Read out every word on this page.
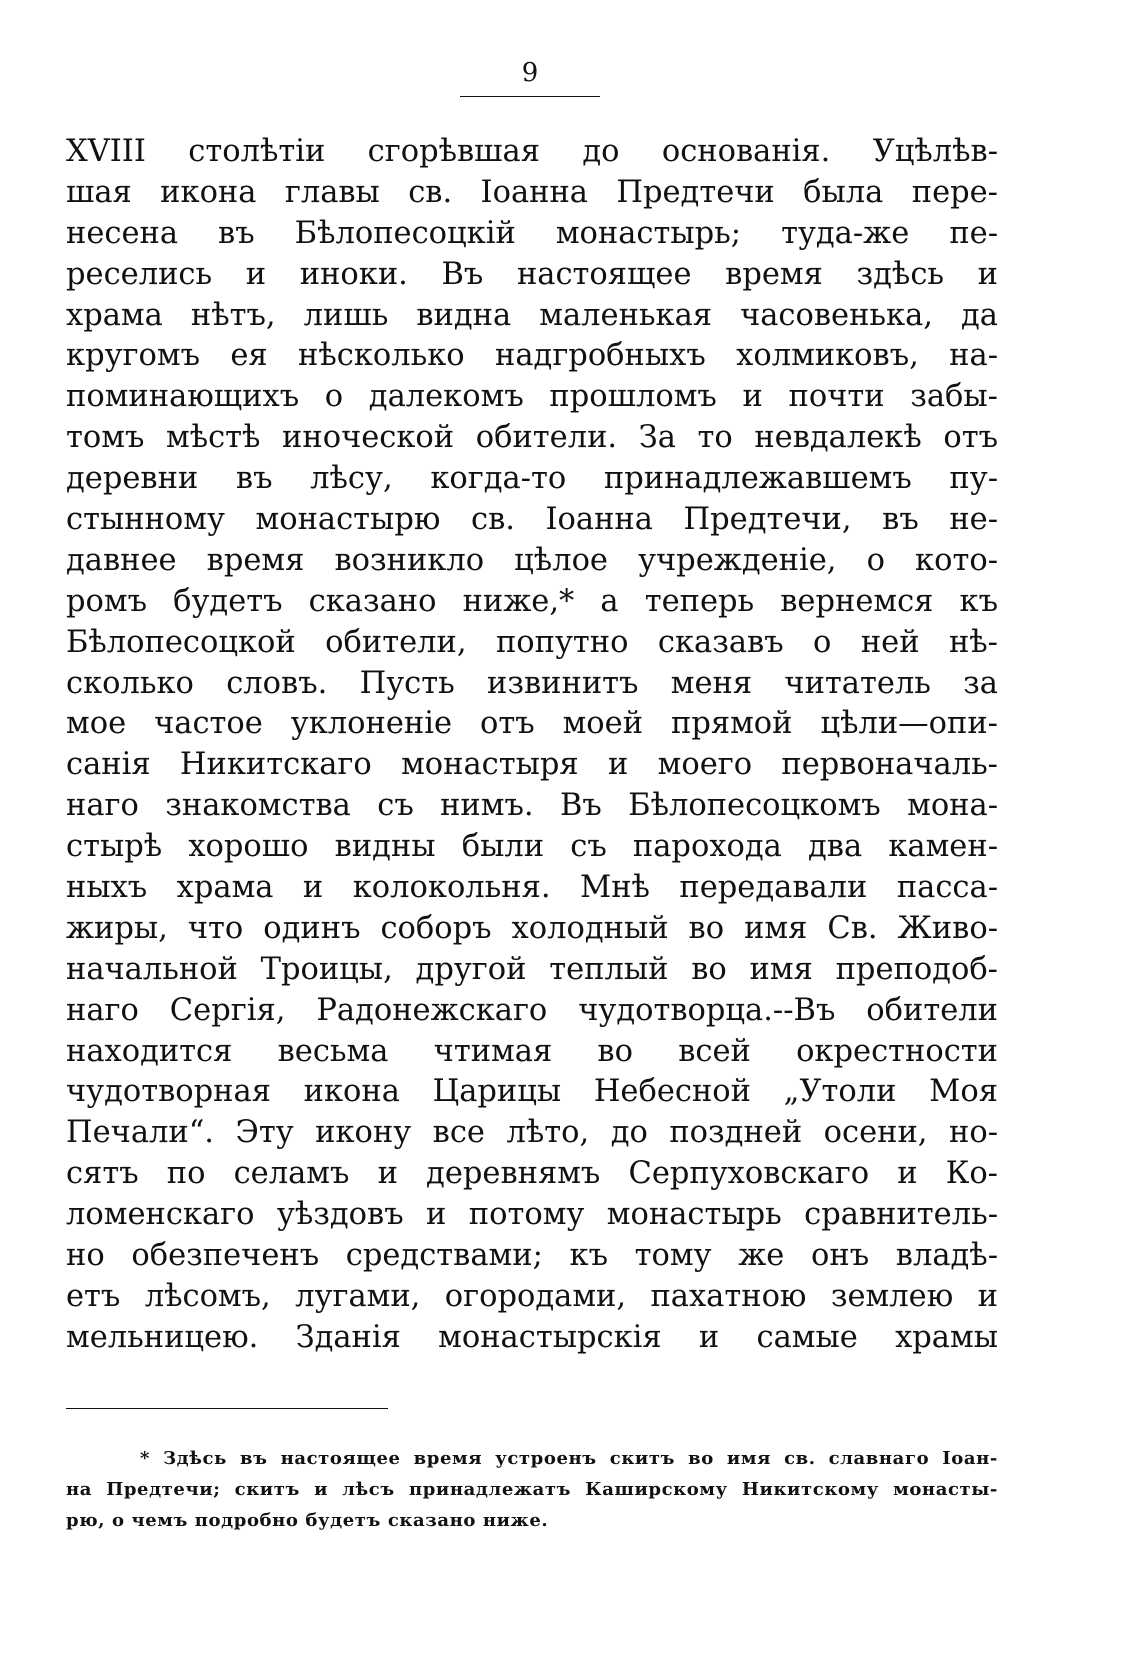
9
XVIII столѣтіи сгорѣвшая до основанія. Уцѣлѣв-
шая икона главы св. Іоанна Предтечи была пере-
несена въ Бѣлопесоцкій монастырь; туда-же пе-
реселись и иноки. Въ настоящее время здѣсь и
храма нѣтъ, лишь видна маленькая часовенька, да
кругомъ ея нѣсколько надгробныхъ холмиковъ, на-
поминающихъ о далекомъ прошломъ и почти забы-
томъ мѣстѣ иноческой обители. За то невдалекѣ отъ
деревни въ лѣсу, когда-то принадлежавшемъ пу-
стынному монастырю св. Іоанна Предтечи, въ не-
давнее время возникло цѣлое учрежденіе, о кото-
ромъ будетъ сказано ниже,* а теперь вернемся къ
Бѣлопесоцкой обители, попутно сказавъ о ней нѣ-
сколько словъ. Пусть извинитъ меня читатель за
мое частое уклоненіе отъ моей прямой цѣли—опи-
санія Никитскаго монастыря и моего первоначаль-
наго знакомства съ нимъ. Въ Бѣлопесоцкомъ мона-
стырѣ хорошо видны были съ парохода два камен-
ныхъ храма и колокольня. Мнѣ передавали пасса-
жиры, что одинъ соборъ холодный во имя Св. Живо-
начальной Троицы, другой теплый во имя преподоб-
наго Сергія, Радонежскаго чудотворца.--Въ обители
находится весьма чтимая во всей окрестности
чудотворная икона Царицы Небесной „Утоли Моя
Печали“. Эту икону все лѣто, до поздней осени, но-
сятъ по селамъ и деревнямъ Серпуховскаго и Ко-
ломенскаго уѣздовъ и потому монастырь сравнитель-
но обезпеченъ средствами; къ тому же онъ владѣ-
етъ лѣсомъ, лугами, огородами, пахатною землею и
мельницею. Зданія монастырскія и самые храмы
* Здѣсь въ настоящее время устроенъ скитъ во имя св. славнаго Іоан-
на Предтечи; скитъ и лѣсъ принадлежатъ Каширскому Никитскому монасты-
рю, о чемъ подробно будетъ сказано ниже.
